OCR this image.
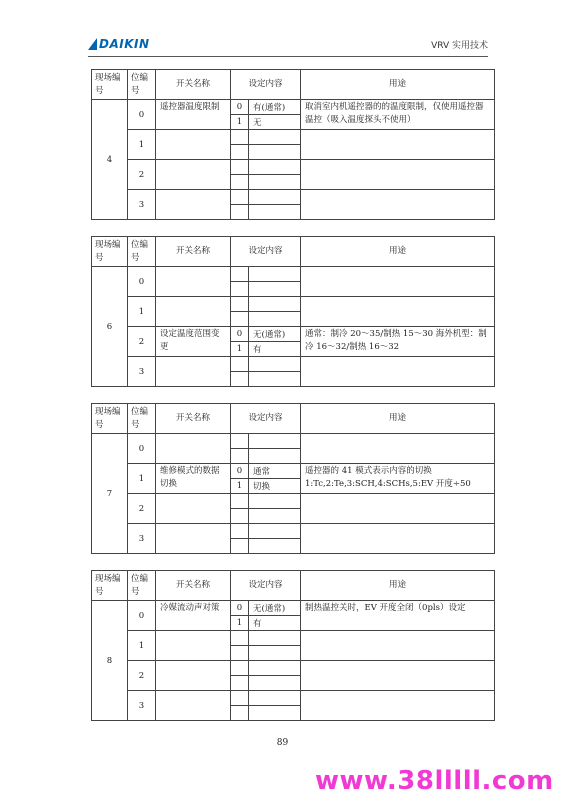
DAIKIN	VRV 实用技术
现场编号	位编号	开关名称	设定内容		用途
4	0	遥控器温度限制	0	有(通常)	取消室内机遥控器的的温度限制，仅使用遥控器温控（吸入温度探头不使用）
			1	无	
	1				

	2				

	3				

现场编号	位编号	开关名称	设定内容		用途
6	0				

	1				

	2	设定温度范围变更	0	无(通常)	通常：制冷 20～35/制热 15～30 海外机型：制冷 16～32/制热 16～32
			1	有	
	3				

现场编号	位编号	开关名称	设定内容		用途
7	0				

	1	维修模式的数据切换	0	通常	遥控器的 41 模式表示内容的切换 1:Tc,2:Te,3:SCH,4:SCHs,5:EV 开度÷50
			1	切换	
	2				

	3				

现场编号	位编号	开关名称	设定内容		用途
8	0	冷媒流动声对策	0	无(通常)	制热温控关时，EV 开度全闭（0pls）设定
			1	有	
	1				

	2				

	3				

89
www.38lllll.com
